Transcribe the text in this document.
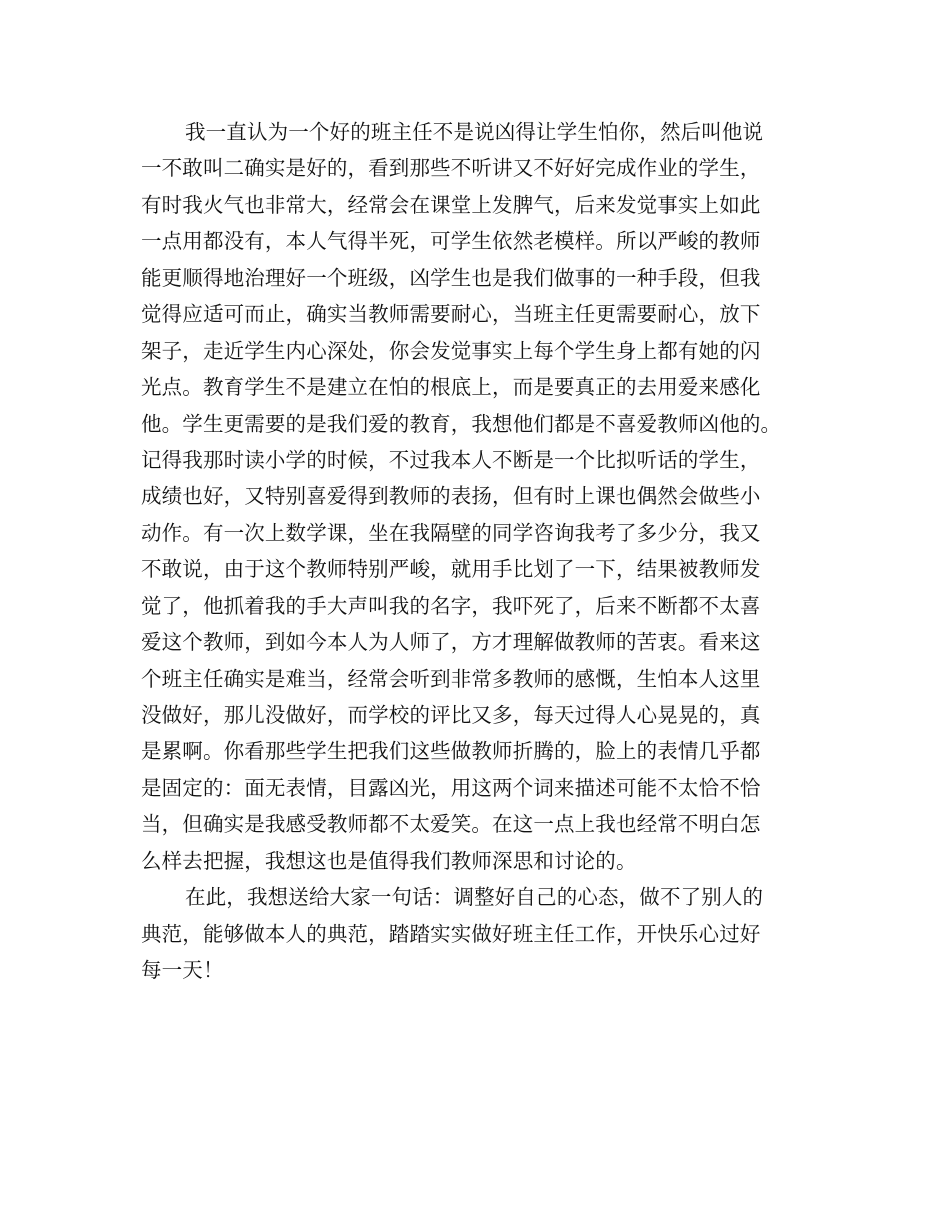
我一直认为一个好的班主任不是说凶得让学生怕你，然后叫他说
一不敢叫二确实是好的，看到那些不听讲又不好好完成作业的学生，
有时我火气也非常大，经常会在课堂上发脾气，后来发觉事实上如此
一点用都没有，本人气得半死，可学生依然老模样。所以严峻的教师
能更顺得地治理好一个班级，凶学生也是我们做事的一种手段，但我
觉得应适可而止，确实当教师需要耐心，当班主任更需要耐心，放下
架子，走近学生内心深处，你会发觉事实上每个学生身上都有她的闪
光点。教育学生不是建立在怕的根底上，而是要真正的去用爱来感化
他。学生更需要的是我们爱的教育，我想他们都是不喜爱教师凶他的。
记得我那时读小学的时候，不过我本人不断是一个比拟听话的学生，
成绩也好，又特别喜爱得到教师的表扬，但有时上课也偶然会做些小
动作。有一次上数学课，坐在我隔壁的同学咨询我考了多少分，我又
不敢说，由于这个教师特别严峻，就用手比划了一下，结果被教师发
觉了，他抓着我的手大声叫我的名字，我吓死了，后来不断都不太喜
爱这个教师，到如今本人为人师了，方才理解做教师的苦衷。看来这
个班主任确实是难当，经常会听到非常多教师的感慨，生怕本人这里
没做好，那儿没做好，而学校的评比又多，每天过得人心晃晃的，真
是累啊。你看那些学生把我们这些做教师折腾的，脸上的表情几乎都
是固定的：面无表情，目露凶光，用这两个词来描述可能不太恰不恰
当，但确实是我感受教师都不太爱笑。在这一点上我也经常不明白怎
么样去把握，我想这也是值得我们教师深思和讨论的。
在此，我想送给大家一句话：调整好自己的心态，做不了别人的
典范，能够做本人的典范，踏踏实实做好班主任工作，开快乐心过好
每一天！
